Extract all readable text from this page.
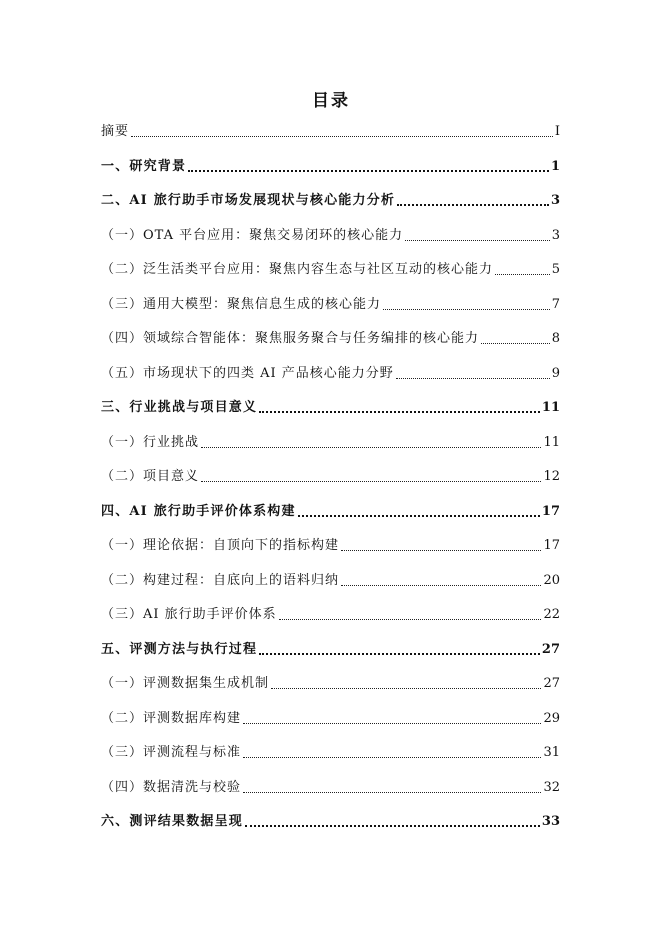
目录
摘要	I
一、研究背景	1
二、AI 旅行助手市场发展现状与核心能力分析	3
（一）OTA 平台应用：聚焦交易闭环的核心能力	3
（二）泛生活类平台应用：聚焦内容生态与社区互动的核心能力	5
（三）通用大模型：聚焦信息生成的核心能力	7
（四）领域综合智能体：聚焦服务聚合与任务编排的核心能力	8
（五）市场现状下的四类 AI 产品核心能力分野	9
三、行业挑战与项目意义	11
（一）行业挑战	11
（二）项目意义	12
四、AI 旅行助手评价体系构建	17
（一）理论依据：自顶向下的指标构建	17
（二）构建过程：自底向上的语料归纳	20
（三）AI 旅行助手评价体系	22
五、评测方法与执行过程	27
（一）评测数据集生成机制	27
（二）评测数据库构建	29
（三）评测流程与标准	31
（四）数据清洗与校验	32
六、测评结果数据呈现	33
